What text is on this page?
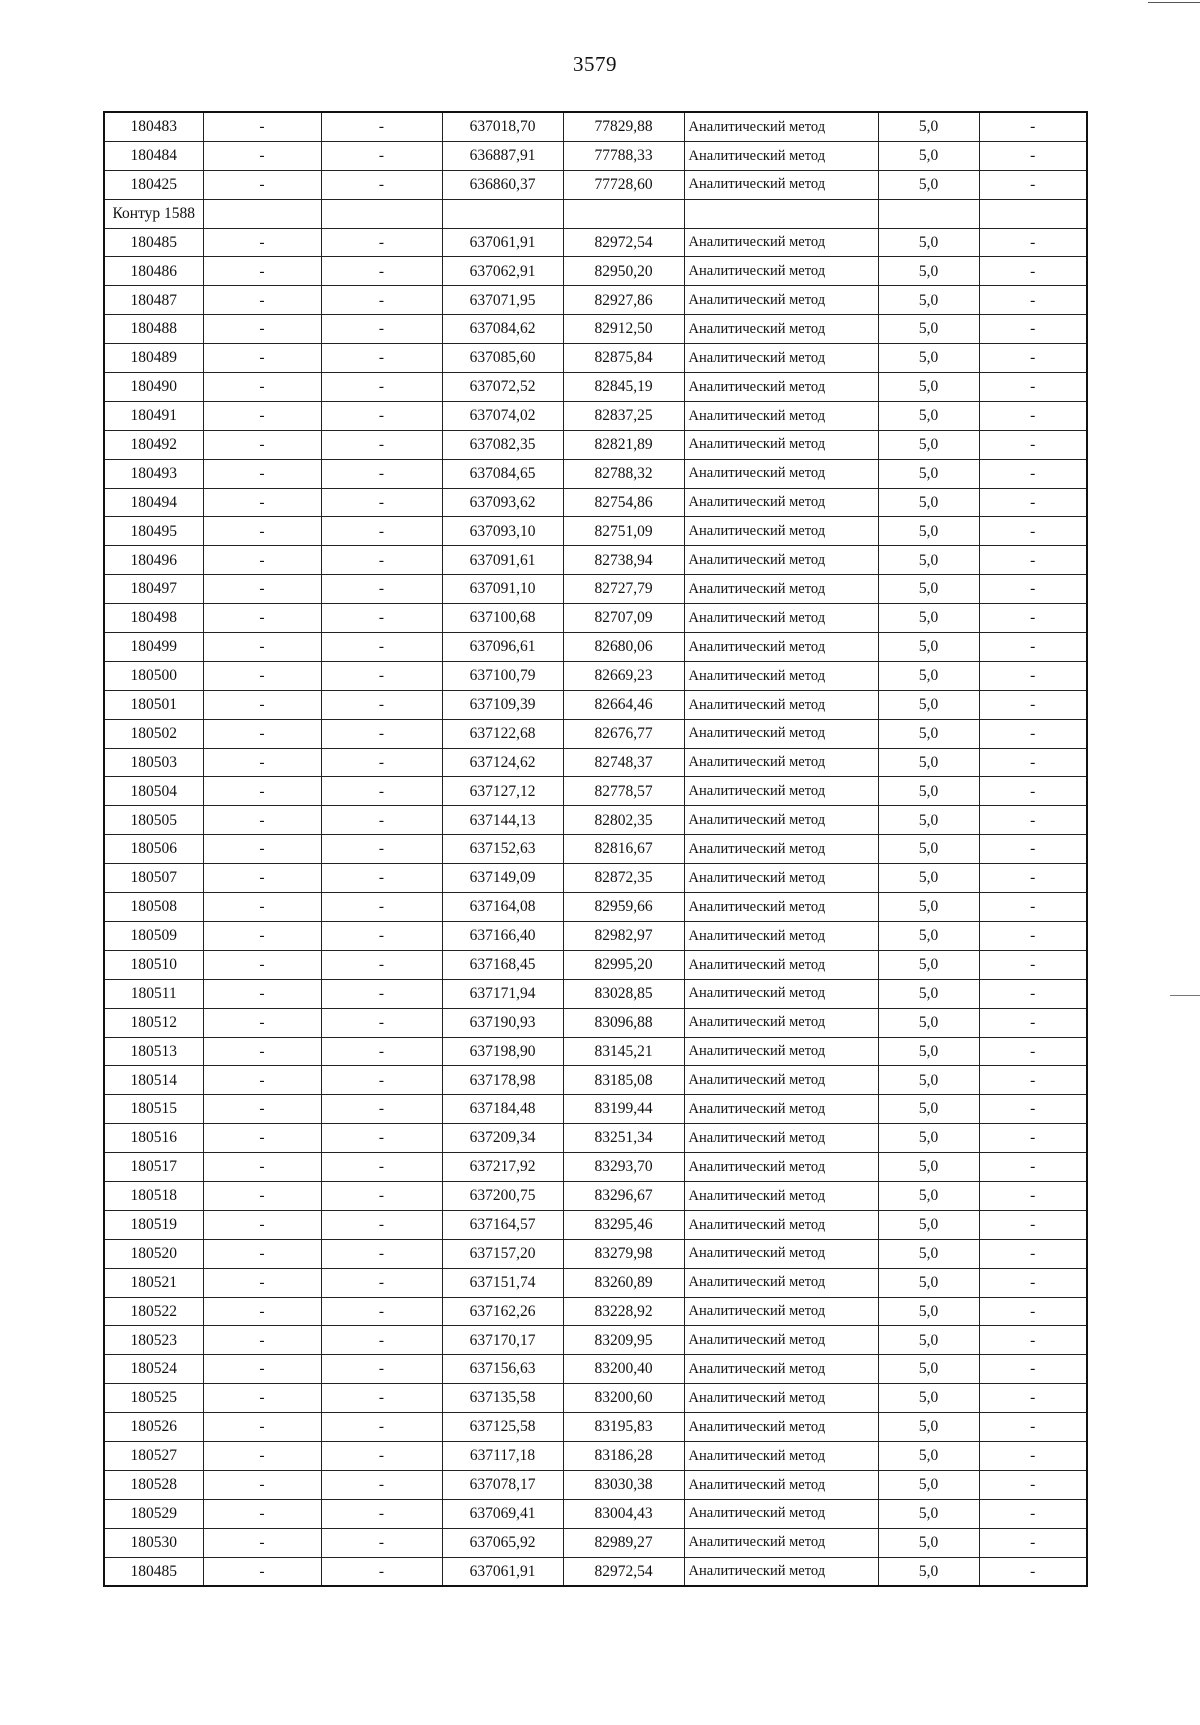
3579
180483	-	-	637018,70	77829,88	Аналитический метод	5,0	-
180484	-	-	636887,91	77788,33	Аналитический метод	5,0	-
180425	-	-	636860,37	77728,60	Аналитический метод	5,0	-
Контур 1588							
180485	-	-	637061,91	82972,54	Аналитический метод	5,0	-
180486	-	-	637062,91	82950,20	Аналитический метод	5,0	-
180487	-	-	637071,95	82927,86	Аналитический метод	5,0	-
180488	-	-	637084,62	82912,50	Аналитический метод	5,0	-
180489	-	-	637085,60	82875,84	Аналитический метод	5,0	-
180490	-	-	637072,52	82845,19	Аналитический метод	5,0	-
180491	-	-	637074,02	82837,25	Аналитический метод	5,0	-
180492	-	-	637082,35	82821,89	Аналитический метод	5,0	-
180493	-	-	637084,65	82788,32	Аналитический метод	5,0	-
180494	-	-	637093,62	82754,86	Аналитический метод	5,0	-
180495	-	-	637093,10	82751,09	Аналитический метод	5,0	-
180496	-	-	637091,61	82738,94	Аналитический метод	5,0	-
180497	-	-	637091,10	82727,79	Аналитический метод	5,0	-
180498	-	-	637100,68	82707,09	Аналитический метод	5,0	-
180499	-	-	637096,61	82680,06	Аналитический метод	5,0	-
180500	-	-	637100,79	82669,23	Аналитический метод	5,0	-
180501	-	-	637109,39	82664,46	Аналитический метод	5,0	-
180502	-	-	637122,68	82676,77	Аналитический метод	5,0	-
180503	-	-	637124,62	82748,37	Аналитический метод	5,0	-
180504	-	-	637127,12	82778,57	Аналитический метод	5,0	-
180505	-	-	637144,13	82802,35	Аналитический метод	5,0	-
180506	-	-	637152,63	82816,67	Аналитический метод	5,0	-
180507	-	-	637149,09	82872,35	Аналитический метод	5,0	-
180508	-	-	637164,08	82959,66	Аналитический метод	5,0	-
180509	-	-	637166,40	82982,97	Аналитический метод	5,0	-
180510	-	-	637168,45	82995,20	Аналитический метод	5,0	-
180511	-	-	637171,94	83028,85	Аналитический метод	5,0	-
180512	-	-	637190,93	83096,88	Аналитический метод	5,0	-
180513	-	-	637198,90	83145,21	Аналитический метод	5,0	-
180514	-	-	637178,98	83185,08	Аналитический метод	5,0	-
180515	-	-	637184,48	83199,44	Аналитический метод	5,0	-
180516	-	-	637209,34	83251,34	Аналитический метод	5,0	-
180517	-	-	637217,92	83293,70	Аналитический метод	5,0	-
180518	-	-	637200,75	83296,67	Аналитический метод	5,0	-
180519	-	-	637164,57	83295,46	Аналитический метод	5,0	-
180520	-	-	637157,20	83279,98	Аналитический метод	5,0	-
180521	-	-	637151,74	83260,89	Аналитический метод	5,0	-
180522	-	-	637162,26	83228,92	Аналитический метод	5,0	-
180523	-	-	637170,17	83209,95	Аналитический метод	5,0	-
180524	-	-	637156,63	83200,40	Аналитический метод	5,0	-
180525	-	-	637135,58	83200,60	Аналитический метод	5,0	-
180526	-	-	637125,58	83195,83	Аналитический метод	5,0	-
180527	-	-	637117,18	83186,28	Аналитический метод	5,0	-
180528	-	-	637078,17	83030,38	Аналитический метод	5,0	-
180529	-	-	637069,41	83004,43	Аналитический метод	5,0	-
180530	-	-	637065,92	82989,27	Аналитический метод	5,0	-
180485	-	-	637061,91	82972,54	Аналитический метод	5,0	-
